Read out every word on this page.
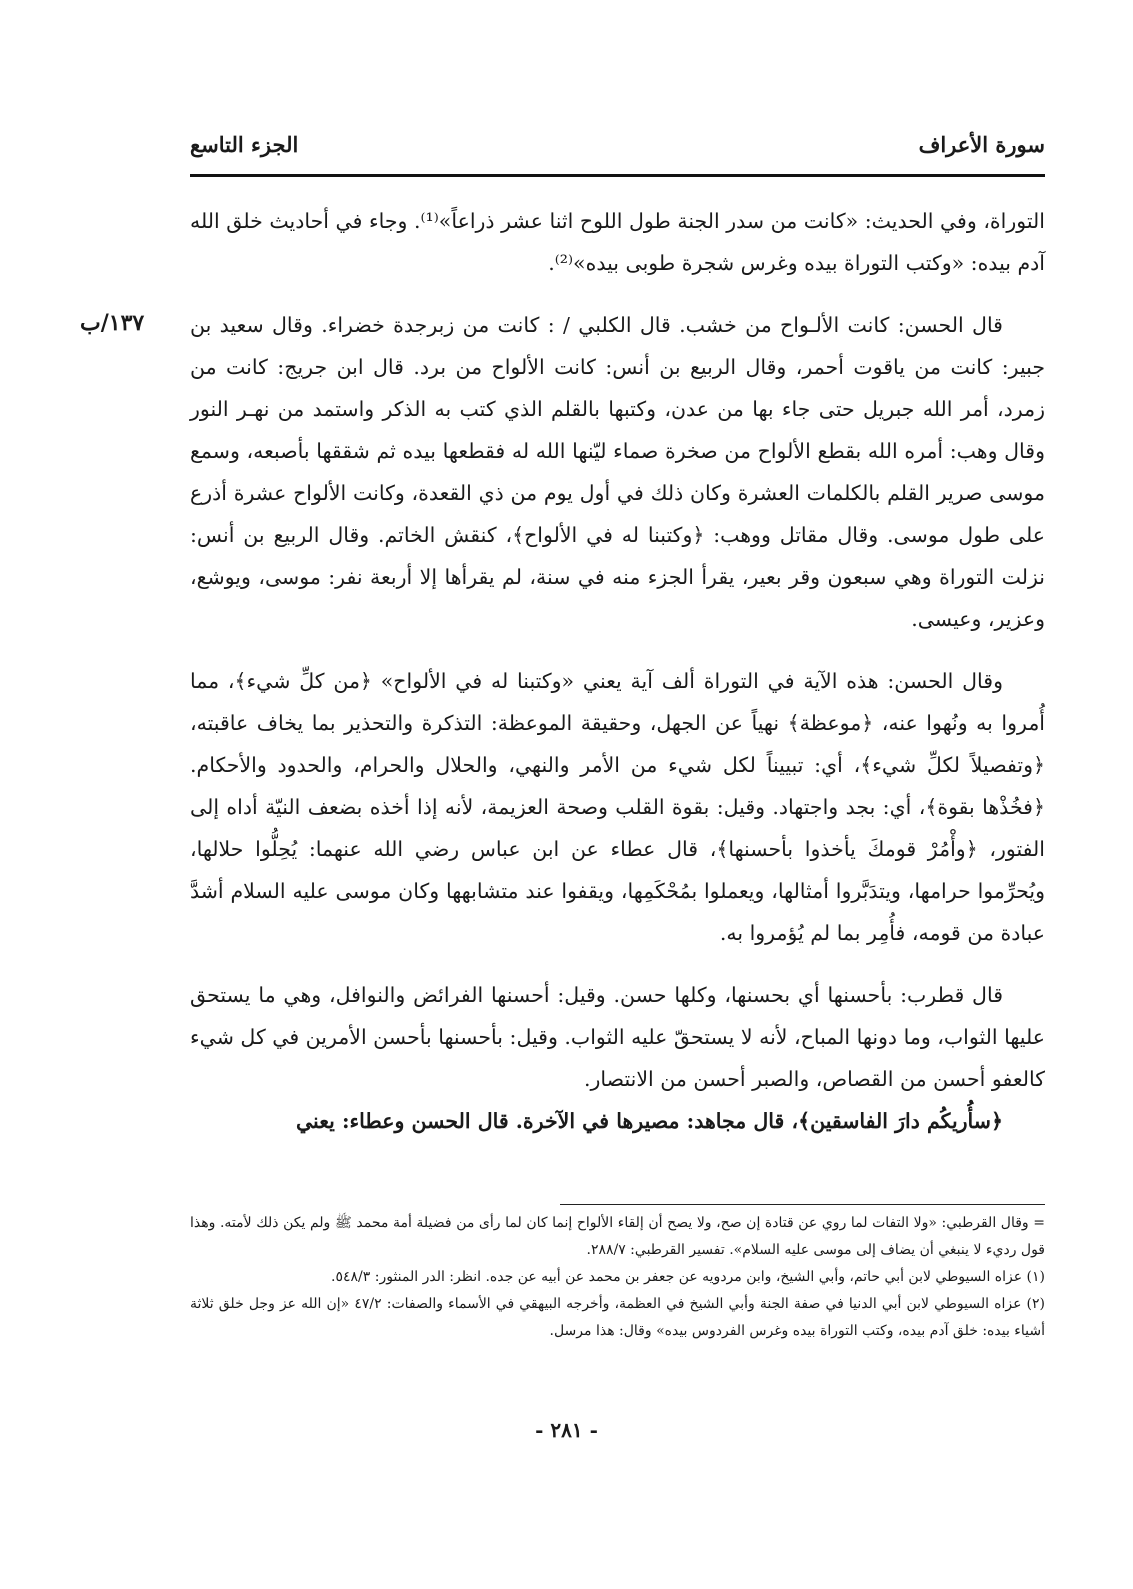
سورة الأعراف
الجزء التاسع
١٣٧/ب

التوراة، وفي الحديث: «كانت من سدر الجنة طول اللوح اثنا عشر ذراعاً»⁽¹⁾. وجاء في أحاديث خلق الله آدم بيده: «وكتب التوراة بيده وغرس شجرة طوبى بيده»⁽²⁾.

قال الحسن: كانت الألـواح من خشب. قال الكلبي / : كانت من زبرجدة خضراء. وقال سعيد بن جبير: كانت من ياقوت أحمر، وقال الربيع بن أنس: كانت الألواح من برد. قال ابن جريج: كانت من زمرد، أمر الله جبريل حتى جاء بها من عدن، وكتبها بالقلم الذي كتب به الذكر واستمد من نهـر النور وقال وهب: أمره الله بقطع الألواح من صخرة صماء ليّنها الله له فقطعها بيده ثم شققها بأصبعه، وسمع موسى صرير القلم بالكلمات العشرة وكان ذلك في أول يوم من ذي القعدة، وكانت الألواح عشرة أذرع على طول موسى. وقال مقاتل ووهب: ﴿وكتبنا له في الألواح﴾، كنقش الخاتم. وقال الربيع بن أنس: نزلت التوراة وهي سبعون وقر بعير، يقرأ الجزء منه في سنة، لم يقرأها إلا أربعة نفر: موسى، ويوشع، وعزير، وعيسى.

وقال الحسن: هذه الآية في التوراة ألف آية يعني «وكتبنا له في الألواح» ﴿من كلِّ شيء﴾، مما أُمروا به ونُهوا عنه، ﴿موعظة﴾ نهياً عن الجهل، وحقيقة الموعظة: التذكرة والتحذير بما يخاف عاقبته، ﴿وتفصيلاً لكلِّ شيء﴾، أي: تبييناً لكل شيء من الأمر والنهي، والحلال والحرام، والحدود والأحكام. ﴿فخُذْها بقوة﴾، أي: بجد واجتهاد. وقيل: بقوة القلب وصحة العزيمة، لأنه إذا أخذه بضعف النيّة أداه إلى الفتور، ﴿وأْمُرْ قومكَ يأخذوا بأحسنها﴾، قال عطاء عن ابن عباس رضي الله عنهما: يُحِلُّوا حلالها، ويُحرِّموا حرامها، ويتدَبَّروا أمثالها، ويعملوا بمُحْكَمِها، ويقفوا عند متشابهها وكان موسى عليه السلام أشدَّ عبادة من قومه، فأُمِر بما لم يُؤمروا به.

قال قطرب: بأحسنها أي بحسنها، وكلها حسن. وقيل: أحسنها الفرائض والنوافل، وهي ما يستحق عليها الثواب، وما دونها المباح، لأنه لا يستحقّ عليه الثواب. وقيل: بأحسنها بأحسن الأمرين في كل شيء كالعفو أحسن من القصاص، والصبر أحسن من الانتصار.

﴿سأُريكُم دارَ الفاسقين﴾، قال مجاهد: مصيرها في الآخرة. قال الحسن وعطاء: يعني

= وقال القرطبي: «ولا التفات لما روي عن قتادة إن صح، ولا يصح أن إلقاء الألواح إنما كان لما رأى من فضيلة أمة محمد ﷺ ولم يكن ذلك لأمته. وهذا قول رديء لا ينبغي أن يضاف إلى موسى عليه السلام». تفسير القرطبي: ٢٨٨/٧.

(١) عزاه السيوطي لابن أبي حاتم، وأبي الشيخ، وابن مردويه عن جعفر بن محمد عن أبيه عن جده. انظر: الدر المنثور: ٥٤٨/٣.

(٢) عزاه السيوطي لابن أبي الدنيا في صفة الجنة وأبي الشيخ في العظمة، وأخرجه البيهقي في الأسماء والصفات: ٤٧/٢ «إن الله عز وجل خلق ثلاثة أشياء بيده: خلق آدم بيده، وكتب التوراة بيده وغرس الفردوس بيده» وقال: هذا مرسل.

- ٢٨١ -
